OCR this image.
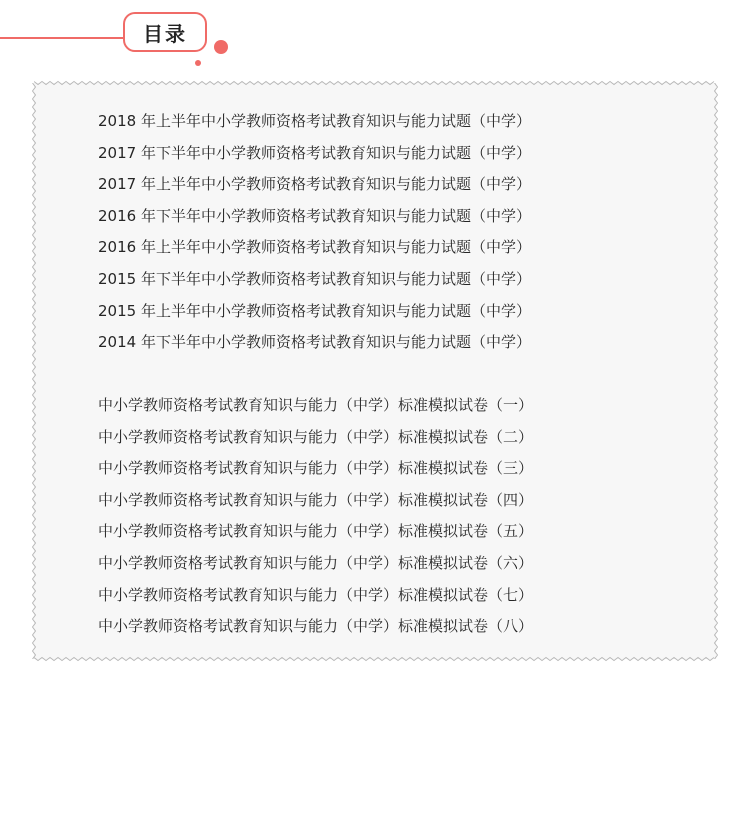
目录
2018 年上半年中小学教师资格考试教育知识与能力试题（中学）
2017 年下半年中小学教师资格考试教育知识与能力试题（中学）
2017 年上半年中小学教师资格考试教育知识与能力试题（中学）
2016 年下半年中小学教师资格考试教育知识与能力试题（中学）
2016 年上半年中小学教师资格考试教育知识与能力试题（中学）
2015 年下半年中小学教师资格考试教育知识与能力试题（中学）
2015 年上半年中小学教师资格考试教育知识与能力试题（中学）
2014 年下半年中小学教师资格考试教育知识与能力试题（中学）
中小学教师资格考试教育知识与能力（中学）标准模拟试卷（一）
中小学教师资格考试教育知识与能力（中学）标准模拟试卷（二）
中小学教师资格考试教育知识与能力（中学）标准模拟试卷（三）
中小学教师资格考试教育知识与能力（中学）标准模拟试卷（四）
中小学教师资格考试教育知识与能力（中学）标准模拟试卷（五）
中小学教师资格考试教育知识与能力（中学）标准模拟试卷（六）
中小学教师资格考试教育知识与能力（中学）标准模拟试卷（七）
中小学教师资格考试教育知识与能力（中学）标准模拟试卷（八）
